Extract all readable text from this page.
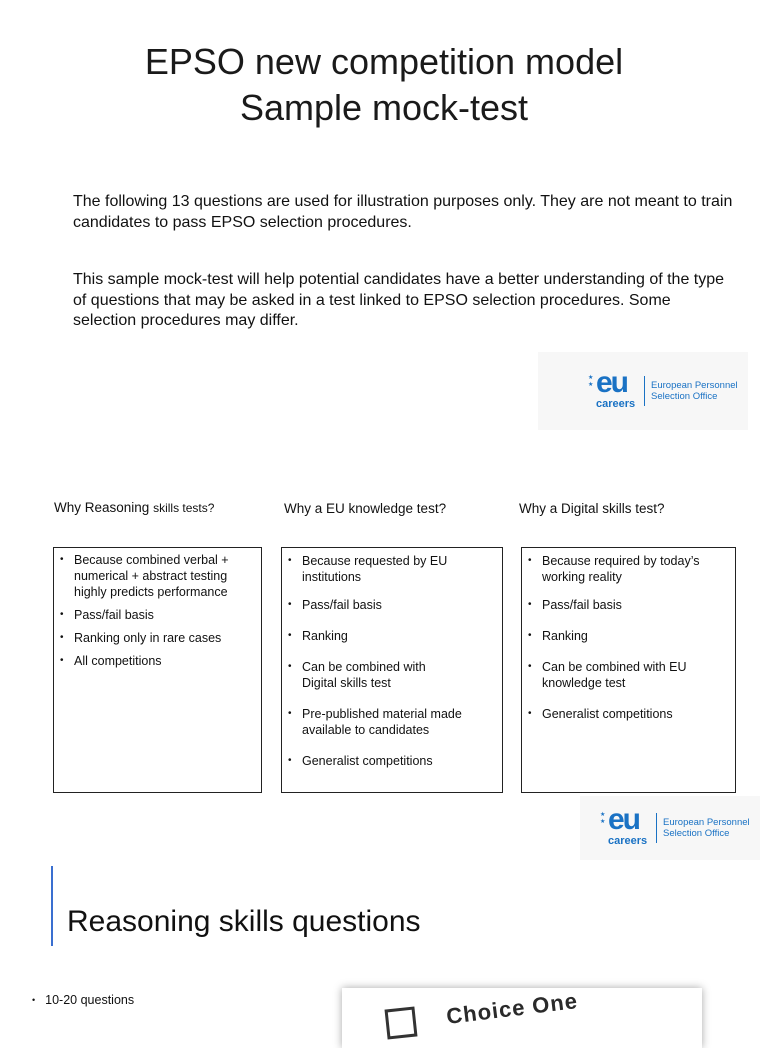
EPSO new competition model
Sample mock-test
The following 13 questions are used for illustration purposes only. They are not meant to train candidates to pass EPSO selection procedures.
This sample mock-test will help potential candidates have a better understanding of the type of questions that may be asked in a test linked to EPSO selection procedures. Some selection procedures may differ.
★
★ eu
careers
European Personnel
Selection Office
Why Reasoning skills tests?	Why a EU knowledge test?	Why a Digital skills test?
• Because combined verbal + numerical + abstract testing highly predicts performance
• Pass/fail basis
• Ranking only in rare cases
• All competitions
• Because requested by EU institutions
• Pass/fail basis
• Ranking
• Can be combined with Digital skills test
• Pre-published material made available to candidates
• Generalist competitions
• Because required by today’s working reality
• Pass/fail basis
• Ranking
• Can be combined with EU knowledge test
• Generalist competitions
★
★ eu
careers
European Personnel
Selection Office
Reasoning skills questions
• 10-20 questions	Choice One
